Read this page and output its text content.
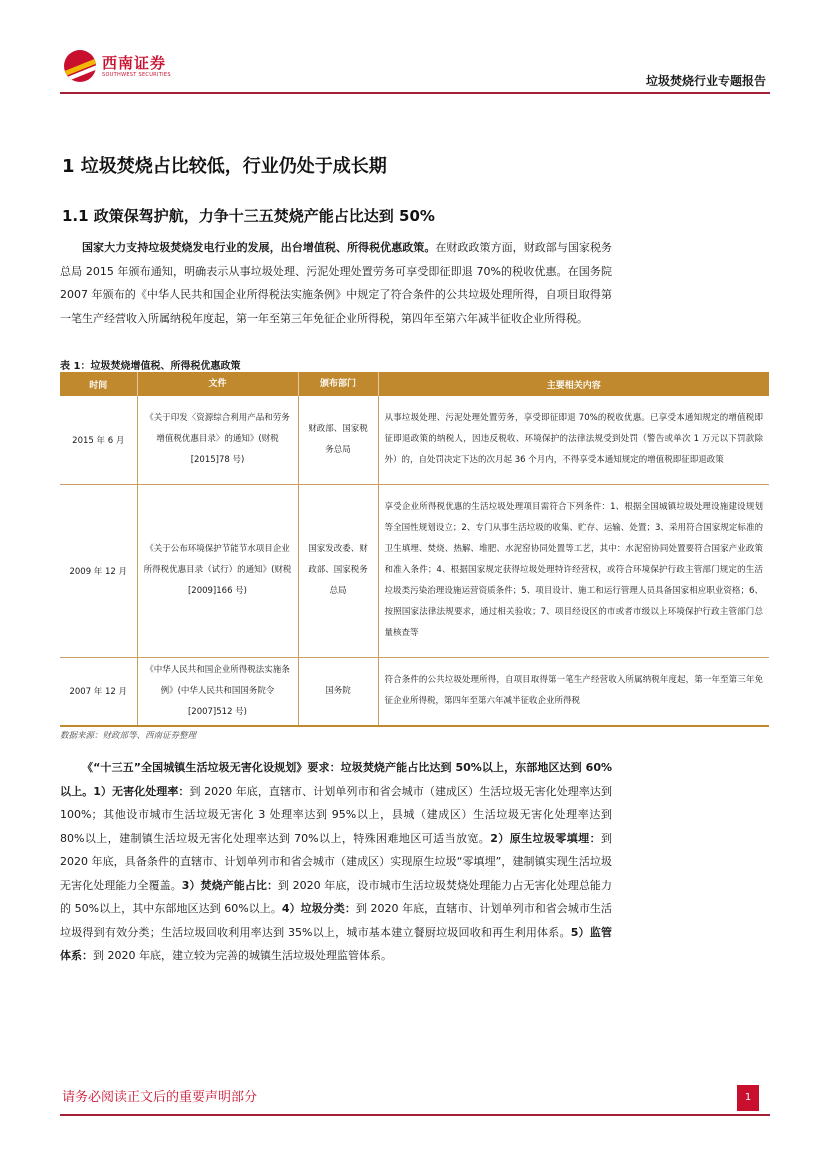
西南证券
SOUTHWEST SECURITIES	垃圾焚烧行业专题报告
1 垃圾焚烧占比较低，行业仍处于成长期
1.1 政策保驾护航，力争十三五焚烧产能占比达到 50%
国家大力支持垃圾焚烧发电行业的发展，出台增值税、所得税优惠政策。在财政政策方面，财政部与国家税务总局 2015 年颁布通知，明确表示从事垃圾处理、污泥处理处置劳务可享受即征即退 70%的税收优惠。在国务院 2007 年颁布的《中华人民共和国企业所得税法实施条例》中规定了符合条件的公共垃圾处理所得，自项目取得第一笔生产经营收入所属纳税年度起，第一年至第三年免征企业所得税，第四年至第六年减半征收企业所得税。
表 1：垃圾焚烧增值税、所得税优惠政策
时间	文件	颁布部门	主要相关内容
2015 年 6 月	《关于印发〈资源综合利用产品和劳务增值税优惠目录〉的通知》(财税[2015]78 号)	财政部、国家税务总局	从事垃圾处理、污泥处理处置劳务，享受即征即退 70%的税收优惠。已享受本通知规定的增值税即征即退政策的纳税人，因违反税收、环境保护的法律法规受到处罚（警告或单次 1 万元以下罚款除外）的，自处罚决定下达的次月起 36 个月内，不得享受本通知规定的增值税即征即退政策
2009 年 12 月	《关于公布环境保护节能节水项目企业所得税优惠目录（试行）的通知》(财税[2009]166 号)	国家发改委、财政部、国家税务总局	享受企业所得税优惠的生活垃圾处理项目需符合下列条件：1、根据全国城镇垃圾处理设施建设规划等全国性规划设立；2、专门从事生活垃圾的收集、贮存、运输、处置；3、采用符合国家规定标准的卫生填埋、焚烧、热解、堆肥、水泥窑协同处置等工艺，其中：水泥窑协同处置要符合国家产业政策和准入条件；4、根据国家规定获得垃圾处理特许经营权，或符合环境保护行政主管部门规定的生活垃圾类污染治理设施运营资质条件；5、项目设计、施工和运行管理人员具备国家相应职业资格；6、按照国家法律法规要求，通过相关验收；7、项目经设区的市或者市级以上环境保护行政主管部门总量核查等
2007 年 12 月	《中华人民共和国企业所得税法实施条例》(中华人民共和国国务院令[2007]512 号)	国务院	符合条件的公共垃圾处理所得，自项目取得第一笔生产经营收入所属纳税年度起，第一年至第三年免征企业所得税，第四年至第六年减半征收企业所得税
数据来源：财政部等、西南证券整理
《“十三五”全国城镇生活垃圾无害化设规划》要求：垃圾焚烧产能占比达到 50%以上，东部地区达到 60%以上。1）无害化处理率：到 2020 年底，直辖市、计划单列市和省会城市（建成区）生活垃圾无害化处理率达到 100%；其他设市城市生活垃圾无害化 3 处理率达到 95%以上，县城（建成区）生活垃圾无害化处理率达到 80%以上，建制镇生活垃圾无害化处理率达到 70%以上，特殊困难地区可适当放宽。2）原生垃圾零填埋：到 2020 年底，具备条件的直辖市、计划单列市和省会城市（建成区）实现原生垃圾“零填埋”，建制镇实现生活垃圾无害化处理能力全覆盖。3）焚烧产能占比：到 2020 年底，设市城市生活垃圾焚烧处理能力占无害化处理总能力的 50%以上，其中东部地区达到 60%以上。4）垃圾分类：到 2020 年底，直辖市、计划单列市和省会城市生活垃圾得到有效分类；生活垃圾回收利用率达到 35%以上，城市基本建立餐厨垃圾回收和再生利用体系。5）监管体系：到 2020 年底，建立较为完善的城镇生活垃圾处理监管体系。
请务必阅读正文后的重要声明部分	1
